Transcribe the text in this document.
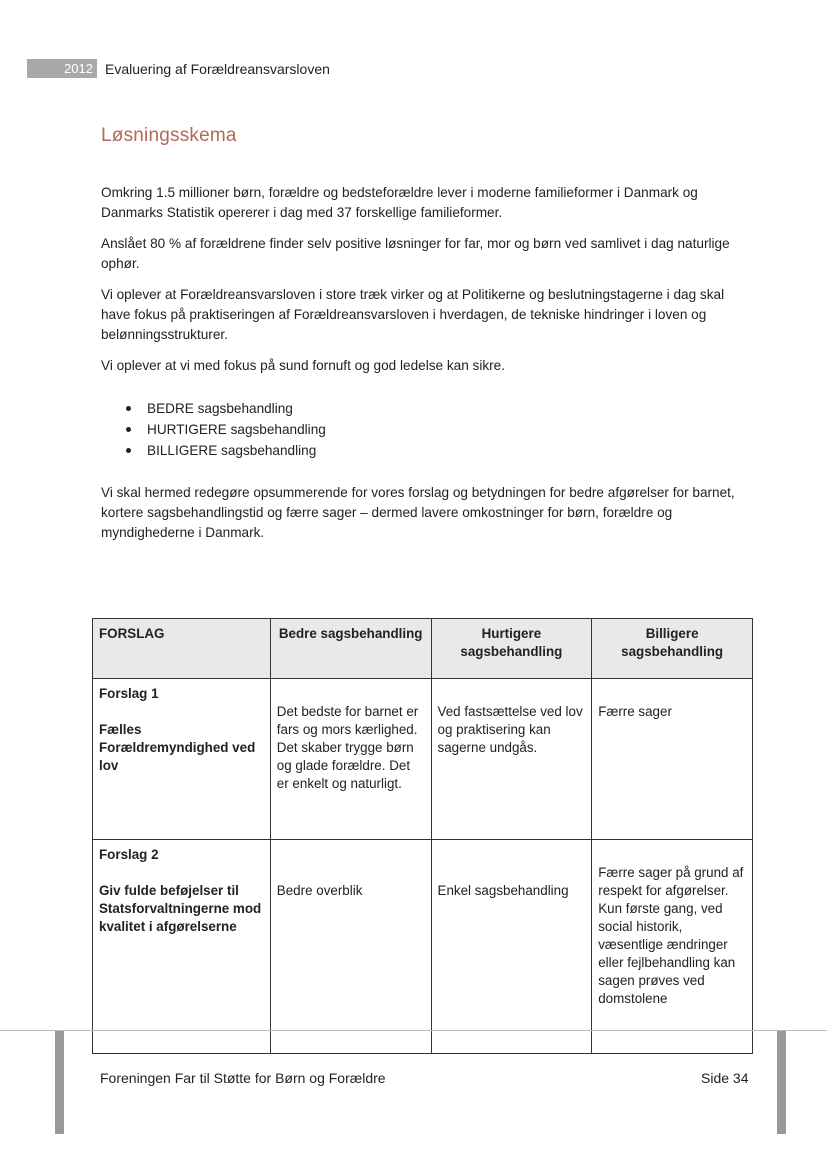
2012 Evaluering af Forældreansvarsloven
Løsningsskema

Omkring 1.5 millioner børn, forældre og bedsteforældre lever i moderne familieformer i Danmark og Danmarks Statistik opererer i dag med 37 forskellige familieformer.

Anslået 80 % af forældrene finder selv positive løsninger for far, mor og børn ved samlivet i dag naturlige ophør.

Vi oplever at Forældreansvarsloven i store træk virker og at Politikerne og beslutningstagerne i dag skal have fokus på praktiseringen af Forældreansvarsloven i hverdagen, de tekniske hindringer i loven og belønningsstrukturer.

Vi oplever at vi med fokus på sund fornuft og god ledelse kan sikre.

BEDRE sagsbehandling
HURTIGERE sagsbehandling
BILLIGERE sagsbehandling

Vi skal hermed redegøre opsummerende for vores forslag og betydningen for bedre afgørelser for barnet, kortere sagsbehandlingstid og færre sager – dermed lavere omkostninger for børn, forældre og myndighederne i Danmark.

FORSLAG	Bedre sagsbehandling	Hurtigere sagsbehandling	Billigere sagsbehandling

Forslag 1
Fælles Forældremyndighed ved lov	Det bedste for barnet er fars og mors kærlighed. Det skaber trygge børn og glade forældre. Det er enkelt og naturligt.	Ved fastsættelse ved lov og praktisering kan sagerne undgås.	Færre sager

Forslag 2
Giv fulde beføjelser til Statsforvaltningerne mod kvalitet i afgørelserne	Bedre overblik	Enkel sagsbehandling	Færre sager på grund af respekt for afgørelser. Kun første gang, ved social historik, væsentlige ændringer eller fejlbehandling kan sagen prøves ved domstolene
Foreningen Far til Støtte for Børn og Forældre	Side 34
